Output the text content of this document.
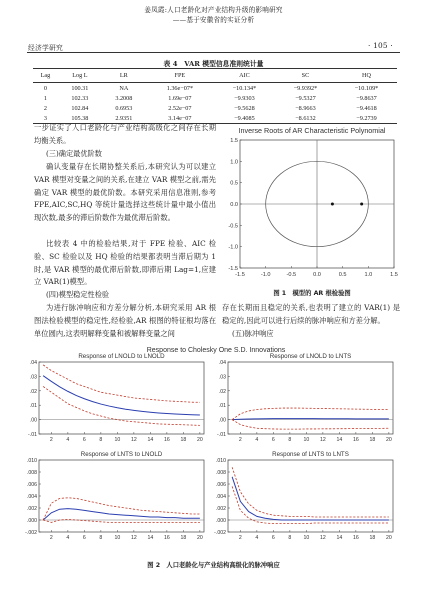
姜凤霞:人口老龄化对产业结构升级的影响研究
——基于安徽省的实证分析
经济学研究	· 105 ·
表 4　VAR 模型信息准则统计量
Lag	Log L	LR	FPE	AIC	SC	HQ
0	100.31	NA	1.36e−07*	−10.134*	−9.9392*	−10.109*
1	102.33	3.2008	1.69e−07	−9.9303	−9.5327	−9.8637
2	102.84	0.6953	2.52e−07	−9.5628	−8.9663	−9.4618
3	105.38	2.9351	3.14e−07	−9.4085	−8.6132	−9.2739
一步证实了人口老龄化与产业结构高级化之间存在长期均衡关系。
(三)确定最优阶数
确认变量存在长期协整关系后,本研究认为可以建立 VAR 模型对变量之间的关系,在建立 VAR 模型之前,需先确定 VAR 模型的最优阶数。本研究采用信息准则,参考 FPE,AIC,SC,HQ 等统计量选择这些统计量中最小值出现次数,最多的滞后阶数作为最优滞后阶数。
比较表 4 中的检验结果,对于 FPE 检验、AIC 检验、SC 检验以及 HQ 检验的结果都表明当滞后期为 1 时,是 VAR 模型的最优滞后阶数,即滞后期 Lag=1,应建立 VAR(1)模型。
(四)模型稳定性检验
为进行脉冲响应和方差分解分析,本研究采用 AR 根图法检验模型的稳定性,经检验,AR 根图的特征根均落在单位圆内,这表明解释变量和被解释变量之间
存在长期而且稳定的关系,也表明了建立的 VAR(1) 是稳定的,因此可以进行后续的脉冲响应和方差分解。
(五)脉冲响应
Inverse Roots of AR Characteristic Polynomial
1.5
1.0
0.5
0.0
-0.5
-1.0
-1.5
-1.5	-1.0	-0.5	0.0	0.5	1.0	1.5
图 1　模型的 AR 根检验图
Response to Cholesky One S.D. Innovations
Response of LNOLD to LNOLD
.04
.03
.02
.01
.00
-.01
2	4	6	8 10 12 14 16 18 20
Response of LNOLD to LNTS
.04
.03
.02
.01
.00
-.01
2	4	6	8 10 12 14 16 18 20
Response of LNTS to LNOLD
.010
.008
.006
.004
.002
.000
-.002
2	4	6	8 10 12 14 16 18 20
Response of LNTS to LNTS
.010
.008
.006
.004
.002
.000
-.002
2	4	6	8 10 12 14 16 18 20
图 2　人口老龄化与产业结构高级化的脉冲响应
